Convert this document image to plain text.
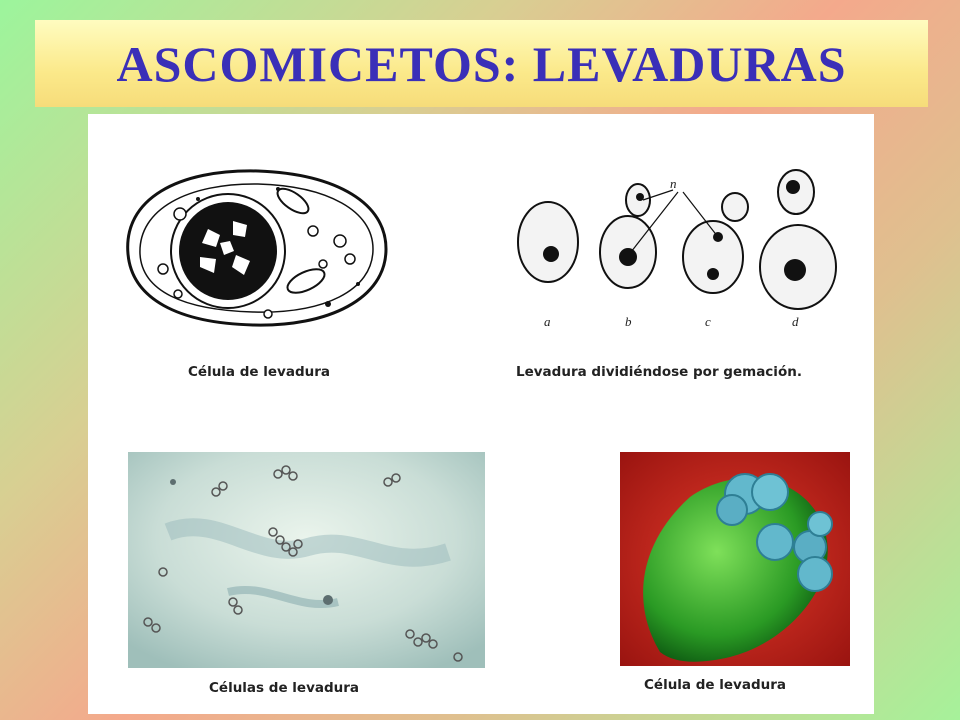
ASCOMICETOS: LEVADURAS
n
a	b	c	d
Célula de levadura	Levadura dividiéndose por gemación.
Células de levadura	Célula de levadura
